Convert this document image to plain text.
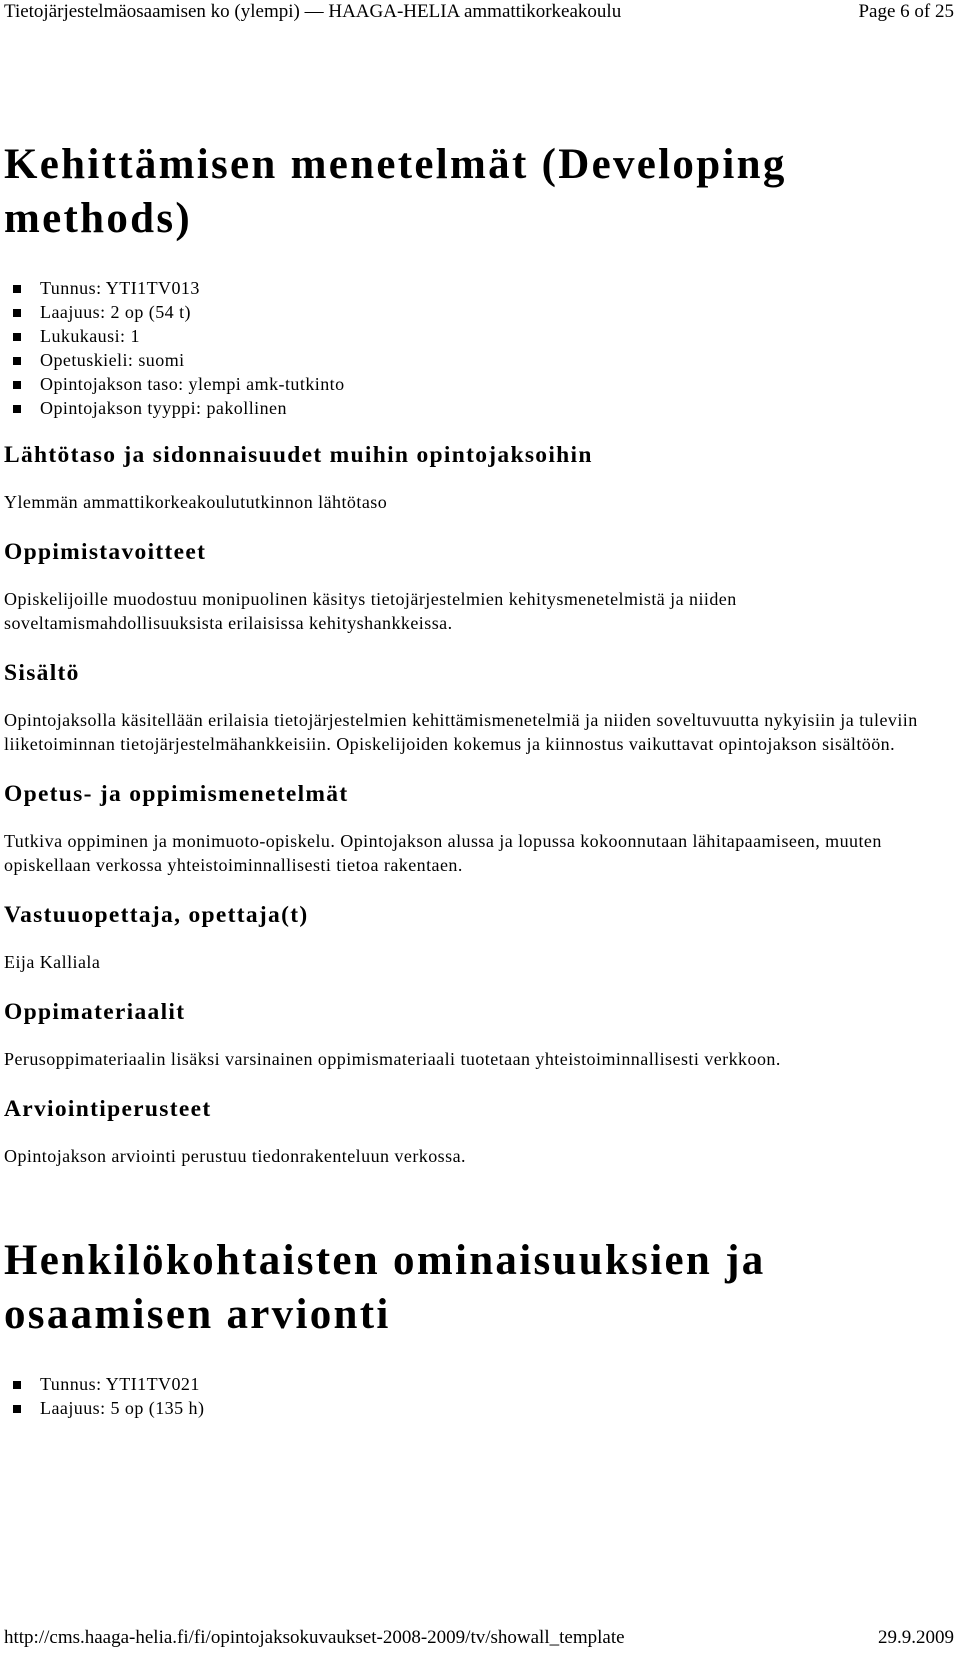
Tietojärjestelmäosaamisen ko (ylempi) — HAAGA-HELIA ammattikorkeakoulu	Page 6 of 25
Kehittämisen menetelmät (Developing methods)
Tunnus: YTI1TV013
Laajuus: 2 op (54 t)
Lukukausi: 1
Opetuskieli: suomi
Opintojakson taso: ylempi amk-tutkinto
Opintojakson tyyppi: pakollinen
Lähtötaso ja sidonnaisuudet muihin opintojaksoihin

Ylemmän ammattikorkeakoulututkinnon lähtötaso

Oppimistavoitteet

Opiskelijoille muodostuu monipuolinen käsitys tietojärjestelmien kehitysmenetelmistä ja niiden soveltamismahdollisuuksista erilaisissa kehityshankkeissa.

Sisältö

Opintojaksolla käsitellään erilaisia tietojärjestelmien kehittämismenetelmiä ja niiden soveltuvuutta nykyisiin ja tuleviin liiketoiminnan tietojärjestelmähankkeisiin. Opiskelijoiden kokemus ja kiinnostus vaikuttavat opintojakson sisältöön.

Opetus- ja oppimismenetelmät

Tutkiva oppiminen ja monimuoto-opiskelu. Opintojakson alussa ja lopussa kokoonnutaan lähitapaamiseen, muuten opiskellaan verkossa yhteistoiminnallisesti tietoa rakentaen.

Vastuuopettaja, opettaja(t)

Eija Kalliala

Oppimateriaalit

Perusoppimateriaalin lisäksi varsinainen oppimismateriaali tuotetaan yhteistoiminnallisesti verkkoon.

Arviointiperusteet

Opintojakson arviointi perustuu tiedonrakenteluun verkossa.

Henkilökohtaisten ominaisuuksien ja osaamisen arvionti
Tunnus: YTI1TV021
Laajuus: 5 op (135 h)
http://cms.haaga-helia.fi/fi/opintojaksokuvaukset-2008-2009/tv/showall_template	29.9.2009
